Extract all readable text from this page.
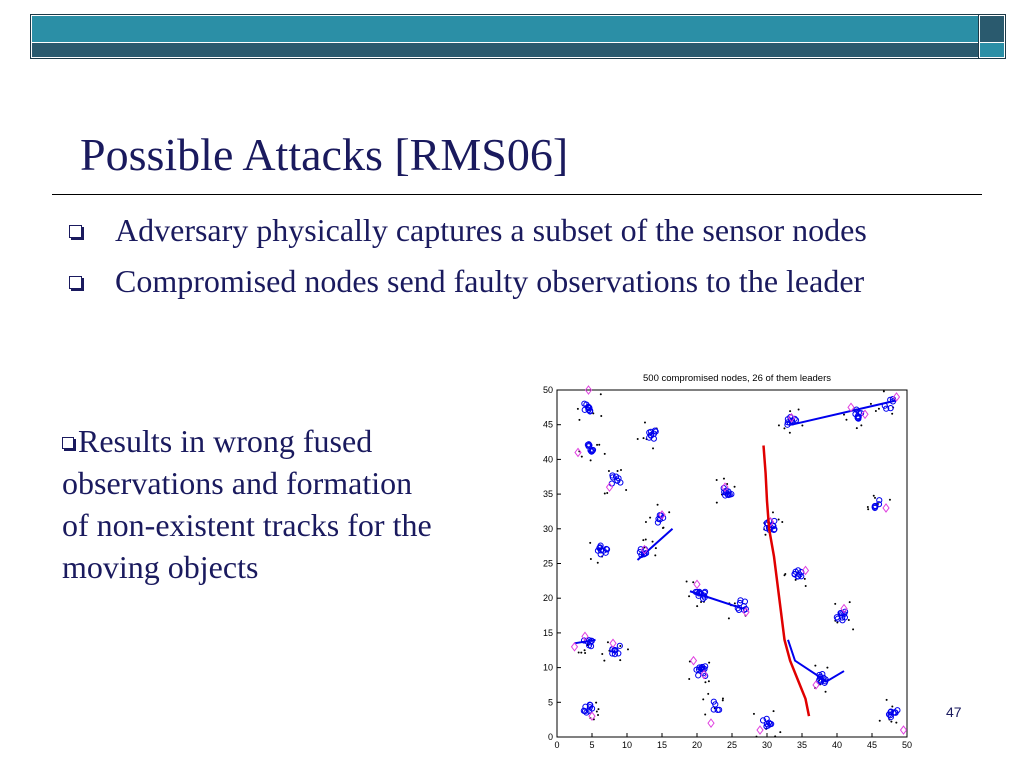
Possible Attacks [RMS06]
Adversary physically captures a subset of the sensor nodes
Compromised nodes send faulty observations to the leader

Results in wrong fused observations and formation of non-existent tracks for the moving objects

500 compromised nodes, 26 of them leaders
0	5	10	15	20	25	30	35	40	45	50
0
5
10
15
20
25
30
35
40
45
50
47
